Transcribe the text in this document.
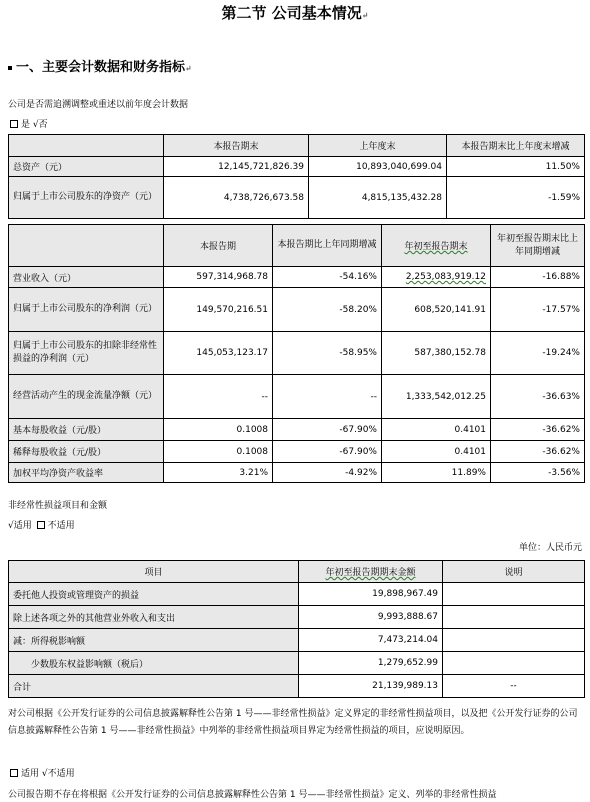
第二节 公司基本情况↵
一、主要会计数据和财务指标↵
公司是否需追溯调整或重述以前年度会计数据
是 √否
	本报告期末	上年度末	本报告期末比上年度末增减
总资产（元）	12,145,721,826.39	10,893,040,699.04	11.50%
归属于上市公司股东的净资产（元）	4,738,726,673.58	4,815,135,432.28	-1.59%
	本报告期	本报告期比上年同期增减	年初至报告期末	年初至报告期末比上年同期增减
营业收入（元）	597,314,968.78	-54.16%	2,253,083,919.12	-16.88%
归属于上市公司股东的净利润（元）	149,570,216.51	-58.20%	608,520,141.91	-17.57%
归属于上市公司股东的扣除非经常性损益的净利润（元）	145,053,123.17	-58.95%	587,380,152.78	-19.24%
经营活动产生的现金流量净额（元）	--	--	1,333,542,012.25	-36.63%
基本每股收益（元/股）	0.1008	-67.90%	0.4101	-36.62%
稀释每股收益（元/股）	0.1008	-67.90%	0.4101	-36.62%
加权平均净资产收益率	3.21%	-4.92%	11.89%	-3.56%
非经常性损益项目和金额
√适用 不适用
单位：人民币元
项目	年初至报告期期末金额	说明
委托他人投资或管理资产的损益	19,898,967.49	
除上述各项之外的其他营业外收入和支出	9,993,888.67	
减：所得税影响额	7,473,214.04	
少数股东权益影响额（税后）	1,279,652.99	
合计	21,139,989.13	--
对公司根据《公开发行证券的公司信息披露解释性公告第 1 号——非经常性损益》定义界定的非经常性损益项目，以及把《公开发行证券的公司信息披露解释性公告第 1 号——非经常性损益》中列举的非经常性损益项目界定为经常性损益的项目，应说明原因。
适用 √不适用
公司报告期不存在将根据《公开发行证券的公司信息披露解释性公告第 1 号——非经常性损益》定义、列举的非经常性损益
